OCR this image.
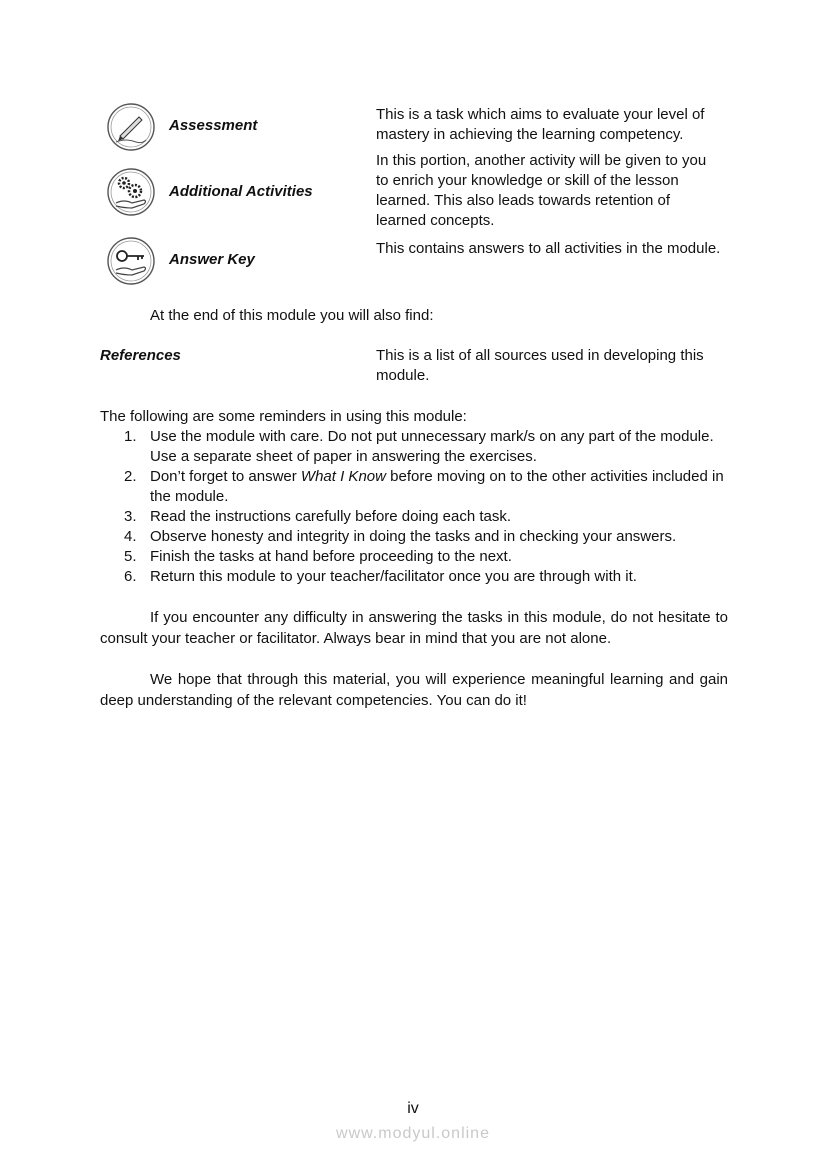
Assessment
This is a task which aims to evaluate your level of mastery in achieving the learning competency.
Additional Activities
In this portion, another activity will be given to you to enrich your knowledge or skill of the lesson learned. This also leads towards retention of learned concepts.
Answer Key
This contains answers to all activities in the module.
At the end of this module you will also find:
References	This is a list of all sources used in developing this module.
The following are some reminders in using this module:
1. Use the module with care. Do not put unnecessary mark/s on any part of the module. Use a separate sheet of paper in answering the exercises.
2. Don’t forget to answer What I Know before moving on to the other activities included in the module.
3. Read the instructions carefully before doing each task.
4. Observe honesty and integrity in doing the tasks and in checking your answers.
5. Finish the tasks at hand before proceeding to the next.
6. Return this module to your teacher/facilitator once you are through with it.
If you encounter any difficulty in answering the tasks in this module, do not hesitate to consult your teacher or facilitator. Always bear in mind that you are not alone.
We hope that through this material, you will experience meaningful learning and gain deep understanding of the relevant competencies. You can do it!
iv
www.modyul.online
